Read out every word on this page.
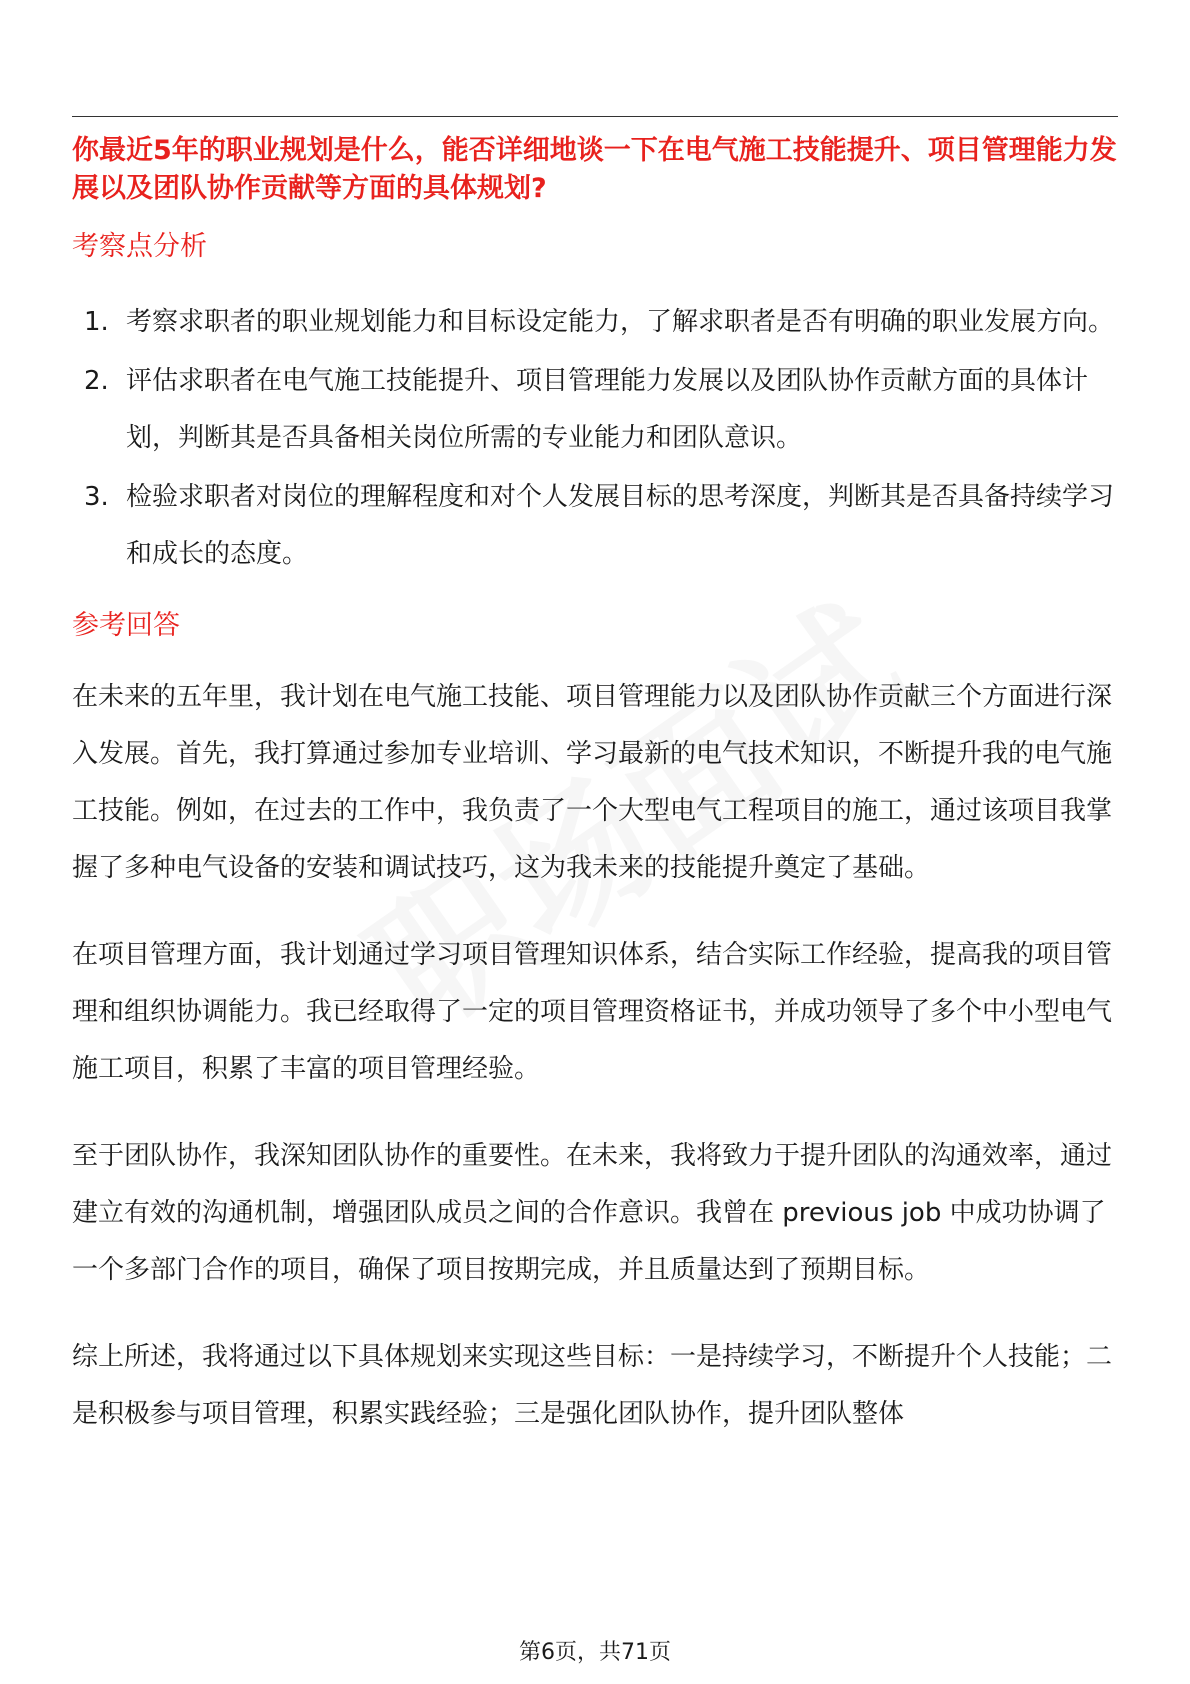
你最近5年的职业规划是什么，能否详细地谈一下在电气施工技能提升、项目管理能力发展以及团队协作贡献等方面的具体规划?

考察点分析

1. 考察求职者的职业规划能力和目标设定能力，了解求职者是否有明确的职业发展方向。
2. 评估求职者在电气施工技能提升、项目管理能力发展以及团队协作贡献方面的具体计划，判断其是否具备相关岗位所需的专业能力和团队意识。
3. 检验求职者对岗位的理解程度和对个人发展目标的思考深度，判断其是否具备持续学习和成长的态度。

参考回答

在未来的五年里，我计划在电气施工技能、项目管理能力以及团队协作贡献三个方面进行深入发展。首先，我打算通过参加专业培训、学习最新的电气技术知识，不断提升我的电气施工技能。例如，在过去的工作中，我负责了一个大型电气工程项目的施工，通过该项目我掌握了多种电气设备的安装和调试技巧，这为我未来的技能提升奠定了基础。

在项目管理方面，我计划通过学习项目管理知识体系，结合实际工作经验，提高我的项目管理和组织协调能力。我已经取得了一定的项目管理资格证书，并成功领导了多个中小型电气施工项目，积累了丰富的项目管理经验。

至于团队协作，我深知团队协作的重要性。在未来，我将致力于提升团队的沟通效率，通过建立有效的沟通机制，增强团队成员之间的合作意识。我曾在 previous job 中成功协调了一个多部门合作的项目，确保了项目按期完成，并且质量达到了预期目标。

综上所述，我将通过以下具体规划来实现这些目标：一是持续学习，不断提升个人技能；二是积极参与项目管理，积累实践经验；三是强化团队协作，提升团队整体

第6页，共71页
